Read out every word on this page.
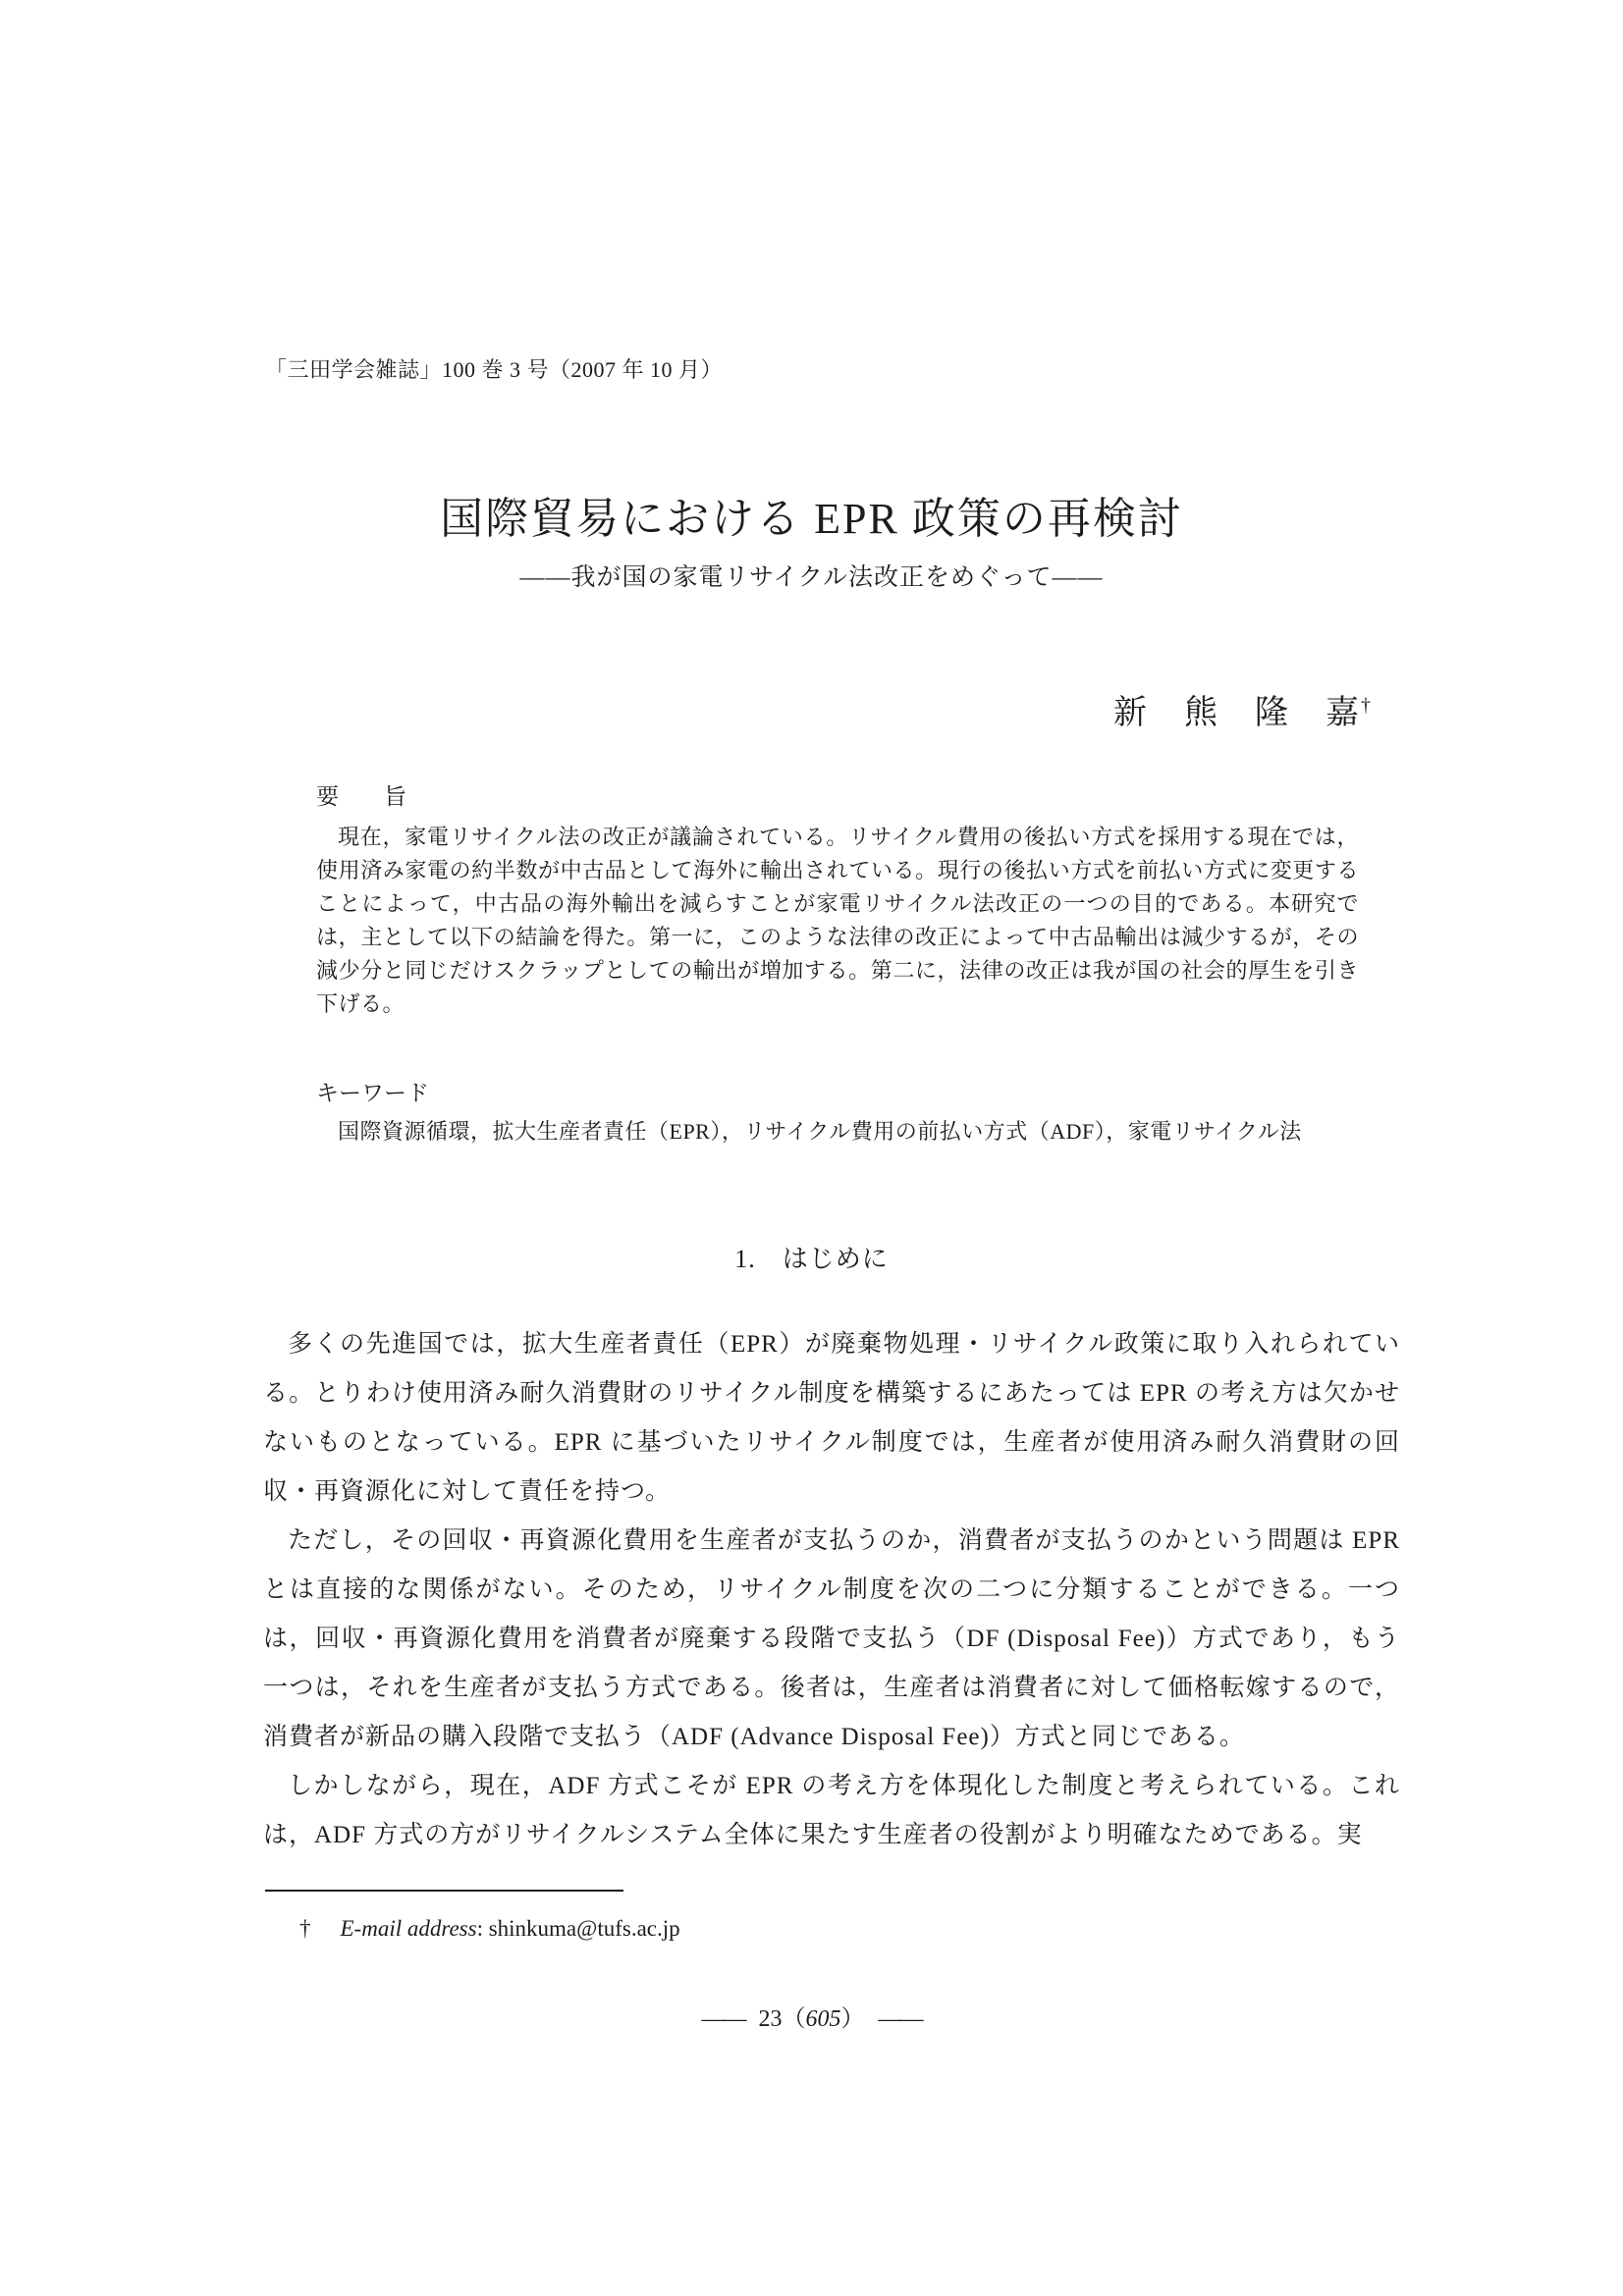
「三田学会雑誌」100 巻 3 号（2007 年 10 月）
国際貿易における EPR 政策の再検討
――我が国の家電リサイクル法改正をめぐって――
新　熊　隆　嘉†
要　　旨
現在，家電リサイクル法の改正が議論されている。リサイクル費用の後払い方式を採用する現在では，使用済み家電の約半数が中古品として海外に輸出されている。現行の後払い方式を前払い方式に変更することによって，中古品の海外輸出を減らすことが家電リサイクル法改正の一つの目的である。本研究では，主として以下の結論を得た。第一に，このような法律の改正によって中古品輸出は減少するが，その減少分と同じだけスクラップとしての輸出が増加する。第二に，法律の改正は我が国の社会的厚生を引き下げる。
キーワード
国際資源循環，拡大生産者責任（EPR），リサイクル費用の前払い方式（ADF），家電リサイクル法
1.　はじめに

多くの先進国では，拡大生産者責任（EPR）が廃棄物処理・リサイクル政策に取り入れられている。とりわけ使用済み耐久消費財のリサイクル制度を構築するにあたっては EPR の考え方は欠かせないものとなっている。EPR に基づいたリサイクル制度では，生産者が使用済み耐久消費財の回収・再資源化に対して責任を持つ。

ただし，その回収・再資源化費用を生産者が支払うのか，消費者が支払うのかという問題は EPR とは直接的な関係がない。そのため，リサイクル制度を次の二つに分類することができる。一つは，回収・再資源化費用を消費者が廃棄する段階で支払う（DF (Disposal Fee)）方式であり，もう一つは，それを生産者が支払う方式である。後者は，生産者は消費者に対して価格転嫁するので，消費者が新品の購入段階で支払う（ADF (Advance Disposal Fee)）方式と同じである。

しかしながら，現在，ADF 方式こそが EPR の考え方を体現化した制度と考えられている。これは，ADF 方式の方がリサイクルシステム全体に果たす生産者の役割がより明確なためである。実

† E-mail address: shinkuma@tufs.ac.jp
—— 23（605） ——
